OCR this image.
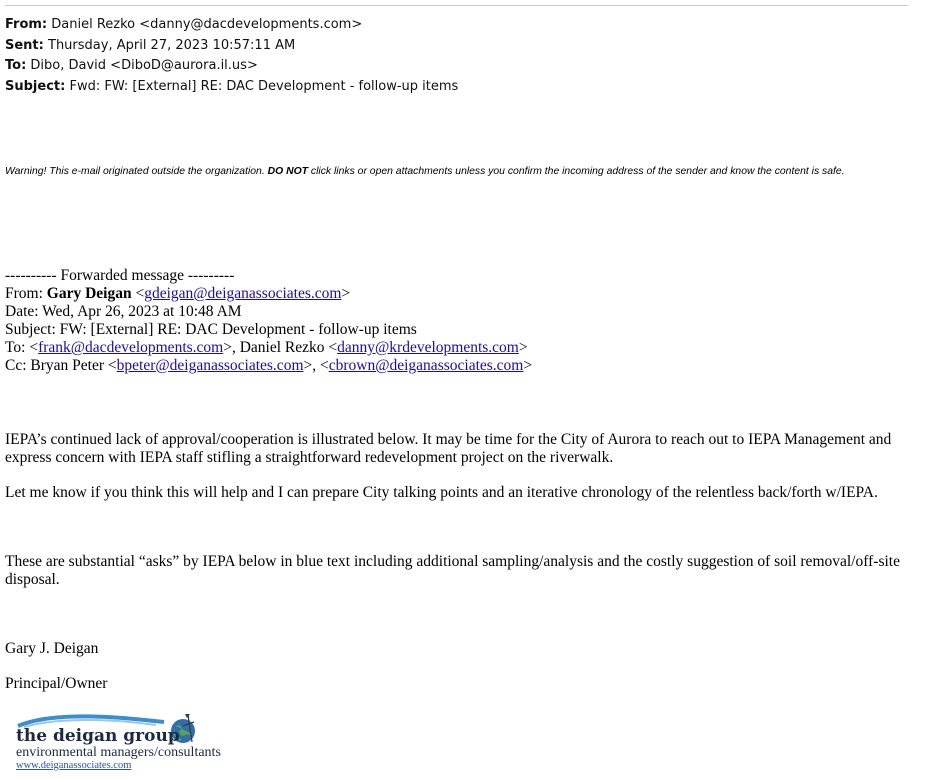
From: Daniel Rezko <danny@dacdevelopments.com>
Sent: Thursday, April 27, 2023 10:57:11 AM
To: Dibo, David <DiboD@aurora.il.us>
Subject: Fwd: FW: [External] RE: DAC Development - follow-up items
Warning! This e-mail originated outside the organization. DO NOT click links or open attachments unless you confirm the incoming address of the sender and know the content is safe.
---------- Forwarded message ---------
From: Gary Deigan <gdeigan@deiganassociates.com>
Date: Wed, Apr 26, 2023 at 10:48 AM
Subject: FW: [External] RE: DAC Development - follow-up items
To: <frank@dacdevelopments.com>, Daniel Rezko <danny@krdevelopments.com>
Cc: Bryan Peter <bpeter@deiganassociates.com>, <cbrown@deiganassociates.com>
IEPA’s continued lack of approval/cooperation is illustrated below. It may be time for the City of Aurora to reach out to IEPA Management and express concern with IEPA staff stifling a straightforward redevelopment project on the riverwalk.
Let me know if you think this will help and I can prepare City talking points and an iterative chronology of the relentless back/forth w/IEPA.
These are substantial “asks” by IEPA below in blue text including additional sampling/analysis and the costly suggestion of soil removal/off-site disposal.
Gary J. Deigan
Principal/Owner
the deigan group
environmental managers/consultants
www.deiganassociates.com
